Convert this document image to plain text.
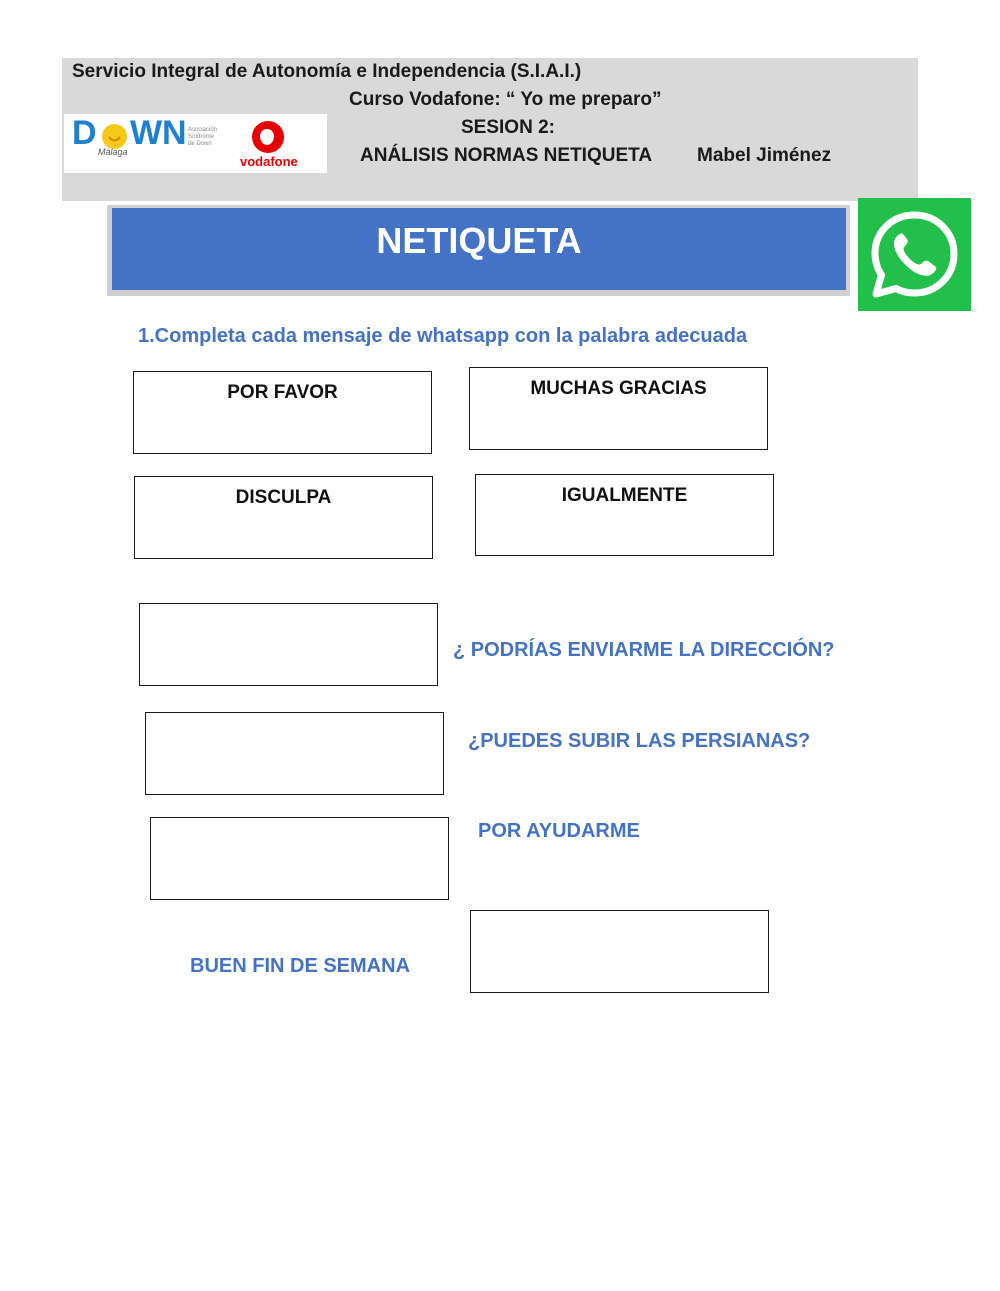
Servicio Integral de Autonomía e Independencia (S.I.A.I.)
Curso Vodafone: “ Yo me preparo”
SESION 2:
ANÁLISIS NORMAS NETIQUETA Mabel Jiménez
D W N
Málaga
Asociación
Síndrome
de Down
vodafone
NETIQUETA
1.Completa cada mensaje de whatsapp con la palabra adecuada
POR FAVOR	MUCHAS GRACIAS
DISCULPA	IGUALMENTE
¿ PODRÍAS ENVIARME LA DIRECCIÓN?
¿PUEDES SUBIR LAS PERSIANAS?
POR AYUDARME
BUEN FIN DE SEMANA
